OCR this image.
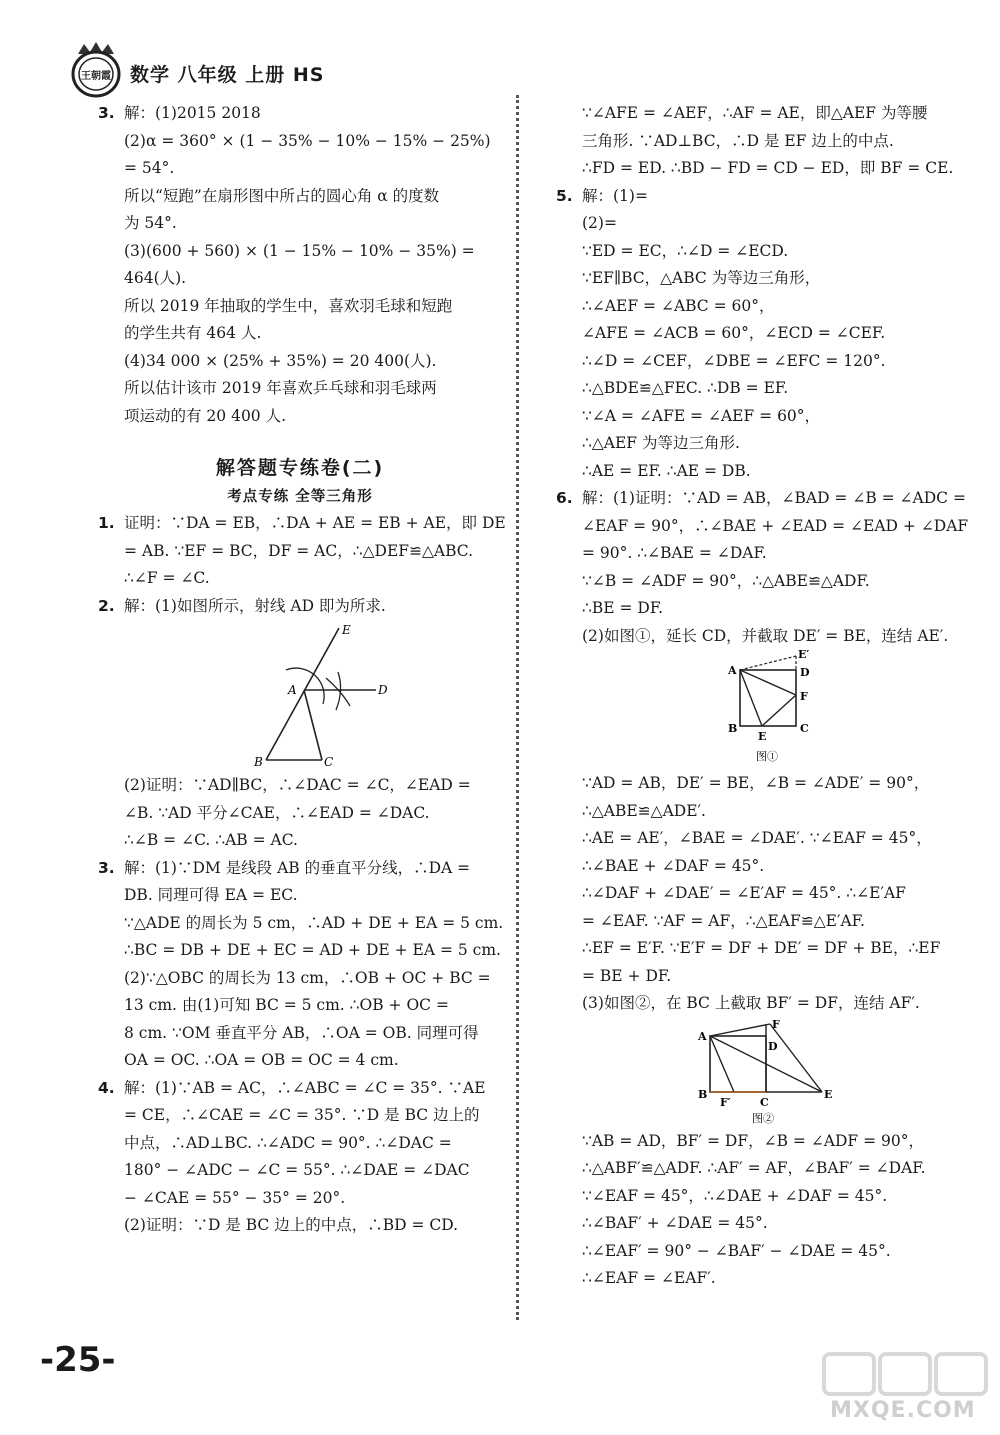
王朝霞 数学 八年级 上册 HS
3. 解：(1)2015 2018
(2)α = 360° × (1 − 35% − 10% − 15% − 25%)
= 54°.
所以“短跑”在扇形图中所占的圆心角 α 的度数
为 54°.
(3)(600 + 560) × (1 − 15% − 10% − 35%) =
464(人).
所以 2019 年抽取的学生中，喜欢羽毛球和短跑
的学生共有 464 人.
(4)34 000 × (25% + 35%) = 20 400(人).
所以估计该市 2019 年喜欢乒乓球和羽毛球两
项运动的有 20 400 人.
解答题专练卷(二)
考点专练 全等三角形
1. 证明：∵DA = EB，∴DA + AE = EB + AE，即 DE
= AB. ∵EF = BC，DF = AC，∴△DEF≌△ABC.
∴∠F = ∠C.
2. 解：(1)如图所示，射线 AD 即为所求.
E
A	D
B	C
(2)证明：∵AD∥BC，∴∠DAC = ∠C，∠EAD =
∠B. ∵AD 平分∠CAE，∴∠EAD = ∠DAC.
∴∠B = ∠C. ∴AB = AC.
3. 解：(1)∵DM 是线段 AB 的垂直平分线，∴DA =
DB. 同理可得 EA = EC.
∵△ADE 的周长为 5 cm，∴AD + DE + EA = 5 cm.
∴BC = DB + DE + EC = AD + DE + EA = 5 cm.
(2)∵△OBC 的周长为 13 cm，∴OB + OC + BC =
13 cm. 由(1)可知 BC = 5 cm. ∴OB + OC =
8 cm. ∵OM 垂直平分 AB，∴OA = OB. 同理可得
OA = OC. ∴OA = OB = OC = 4 cm.
4. 解：(1)∵AB = AC，∴∠ABC = ∠C = 35°. ∵AE
= CE，∴∠CAE = ∠C = 35°. ∵D 是 BC 边上的
中点，∴AD⊥BC. ∴∠ADC = 90°. ∴∠DAC =
180° − ∠ADC − ∠C = 55°. ∴∠DAE = ∠DAC
− ∠CAE = 55° − 35° = 20°.
(2)证明：∵D 是 BC 边上的中点，∴BD = CD.
∵∠AFE = ∠AEF，∴AF = AE，即△AEF 为等腰
三角形. ∵AD⊥BC，∴D 是 EF 边上的中点.
∴FD = ED. ∴BD − FD = CD − ED，即 BF = CE.
5. 解：(1)=
(2)=
∵ED = EC，∴∠D = ∠ECD.
∵EF∥BC，△ABC 为等边三角形，
∴∠AEF = ∠ABC = 60°，
∠AFE = ∠ACB = 60°，∠ECD = ∠CEF.
∴∠D = ∠CEF，∠DBE = ∠EFC = 120°.
∴△BDE≌△FEC. ∴DB = EF.
∵∠A = ∠AFE = ∠AEF = 60°，
∴△AEF 为等边三角形.
∴AE = EF. ∴AE = DB.
6. 解：(1)证明：∵AD = AB，∠BAD = ∠B = ∠ADC =
∠EAF = 90°，∴∠BAE + ∠EAD = ∠EAD + ∠DAF
= 90°. ∴∠BAE = ∠DAF.
∵∠B = ∠ADF = 90°，∴△ABE≌△ADF.
∴BE = DF.
(2)如图①，延长 CD，并截取 DE′ = BE，连结 AE′.
A
E′
D
F
B
E
C
图①
∵AD = AB，DE′ = BE，∠B = ∠ADE′ = 90°，
∴△ABE≌△ADE′.
∴AE = AE′，∠BAE = ∠DAE′. ∵∠EAF = 45°，
∴∠BAE + ∠DAF = 45°.
∴∠DAF + ∠DAE′ = ∠E′AF = 45°. ∴∠E′AF
= ∠EAF. ∵AF = AF，∴△EAF≌△E′AF.
∴EF = E′F. ∵E′F = DF + DE′ = DF + BE，∴EF
= BE + DF.
(3)如图②，在 BC 上截取 BF′ = DF，连结 AF′.
A
F
D
B
F′	C
E
图②
∵AB = AD，BF′ = DF，∠B = ∠ADF = 90°，
∴△ABF′≌△ADF. ∴AF′ = AF，∠BAF′ = ∠DAF.
∵∠EAF = 45°，∴∠DAE + ∠DAF = 45°.
∴∠BAF′ + ∠DAE = 45°.
∴∠EAF′ = 90° − ∠BAF′ − ∠DAE = 45°.
∴∠EAF = ∠EAF′.
-25-
MXQE.COM
